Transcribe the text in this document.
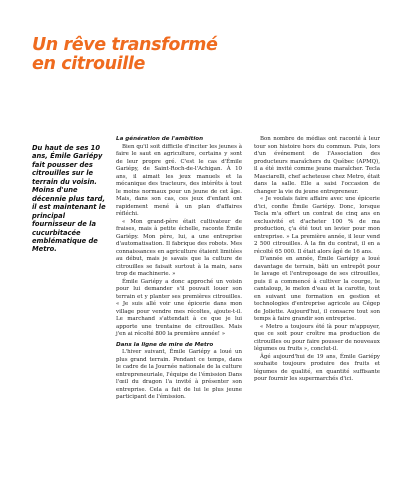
Un rêve transformé
en citrouille

Du haut de ses 10 ans, Émile Gariépy fait pousser des citrouilles sur le terrain du voisin. Moins d'une décennie plus tard, il est maintenant le principal fournisseur de la cucurbitacée emblématique de Metro.

La génération de l'ambition

Bien qu'il soit difficile d'inciter les jeunes à faire le saut en agriculture, certains y sont de leur propre gré. C'est le cas d'Émile Gariépy, de Saint-Roch-de-l'Achigan. À 10 ans, il aimait les jeux manuels et la mécanique des tracteurs, des intérêts à tout le moins normaux pour un jeune de cet âge. Mais, dans son cas, ces jeux d'enfant ont rapidement mené à un plan d'affaires réfléchi.

« Mon grand-père était cultivateur de fraises, mais à petite échelle, raconte Émile Gariépy. Mon père, lui, a une entreprise d'automatisation. Il fabrique des robots. Mes connaissances en agriculture étaient limitées au début, mais je savais que la culture de citrouilles se faisait surtout à la main, sans trop de machinerie. »

Émile Gariépy a donc approché un voisin pour lui demander s'il pouvait louer son terrain et y planter ses premières citrouilles. « Je suis allé voir une épicerie dans mon village pour vendre mes récoltes, ajoute-t-il. Le marchand s'attendait à ce que je lui apporte une trentaine de citrouilles. Mais j'en ai récolté 800 la première année! »

Dans la ligne de mire de Metro

L'hiver suivant, Émile Gariépy a loué un plus grand terrain. Pendant ce temps, dans le cadre de la Journée nationale de la culture entrepreneuriale, l'équipe de l'émission Dans l'œil du dragon l'a invité à présenter son entreprise. Cela a fait de lui le plus jeune participant de l'émission.

Bon nombre de médias ont raconté à leur tour son histoire hors du commun. Puis, lors d'un événement de l'Association des producteurs maraîchers du Québec (APMQ), il a été invité comme jeune maraîcher. Tecla Masciarelli, chef acheteuse chez Metro, était dans la salle. Elle a saisi l'occasion de changer la vie du jeune entrepreneur.

« Je voulais faire affaire avec une épicerie d'ici, confie Émile Gariépy. Donc, lorsque Tecla m'a offert un contrat de cinq ans en exclusivité et d'acheter 100 % de ma production, ç'a été tout un levier pour mon entreprise. » La première année, il leur vend 2 500 citrouilles. À la fin du contrat, il en a récolté 65 000. Il était alors âgé de 16 ans.

D'année en année, Émile Gariépy a loué davantage de terrain, bâti un entrepôt pour le lavage et l'entreposage de ses citrouilles, puis il a commencé à cultiver la courge, le cantaloup, le melon d'eau et la carotte, tout en suivant une formation en gestion et technologies d'entreprise agricole au Cégep de Joliette. Aujourd'hui, il consacre tout son temps à faire grandir son entreprise.

« Metro a toujours été là pour m'appuyer, que ce soit pour croître ma production de citrouilles ou pour faire pousser de nouveaux légumes ou fruits », conclut-il.

Âgé aujourd'hui de 19 ans, Émile Gariépy souhaite toujours produire des fruits et légumes de qualité, en quantité suffisante pour fournir les supermarchés d'ici.
